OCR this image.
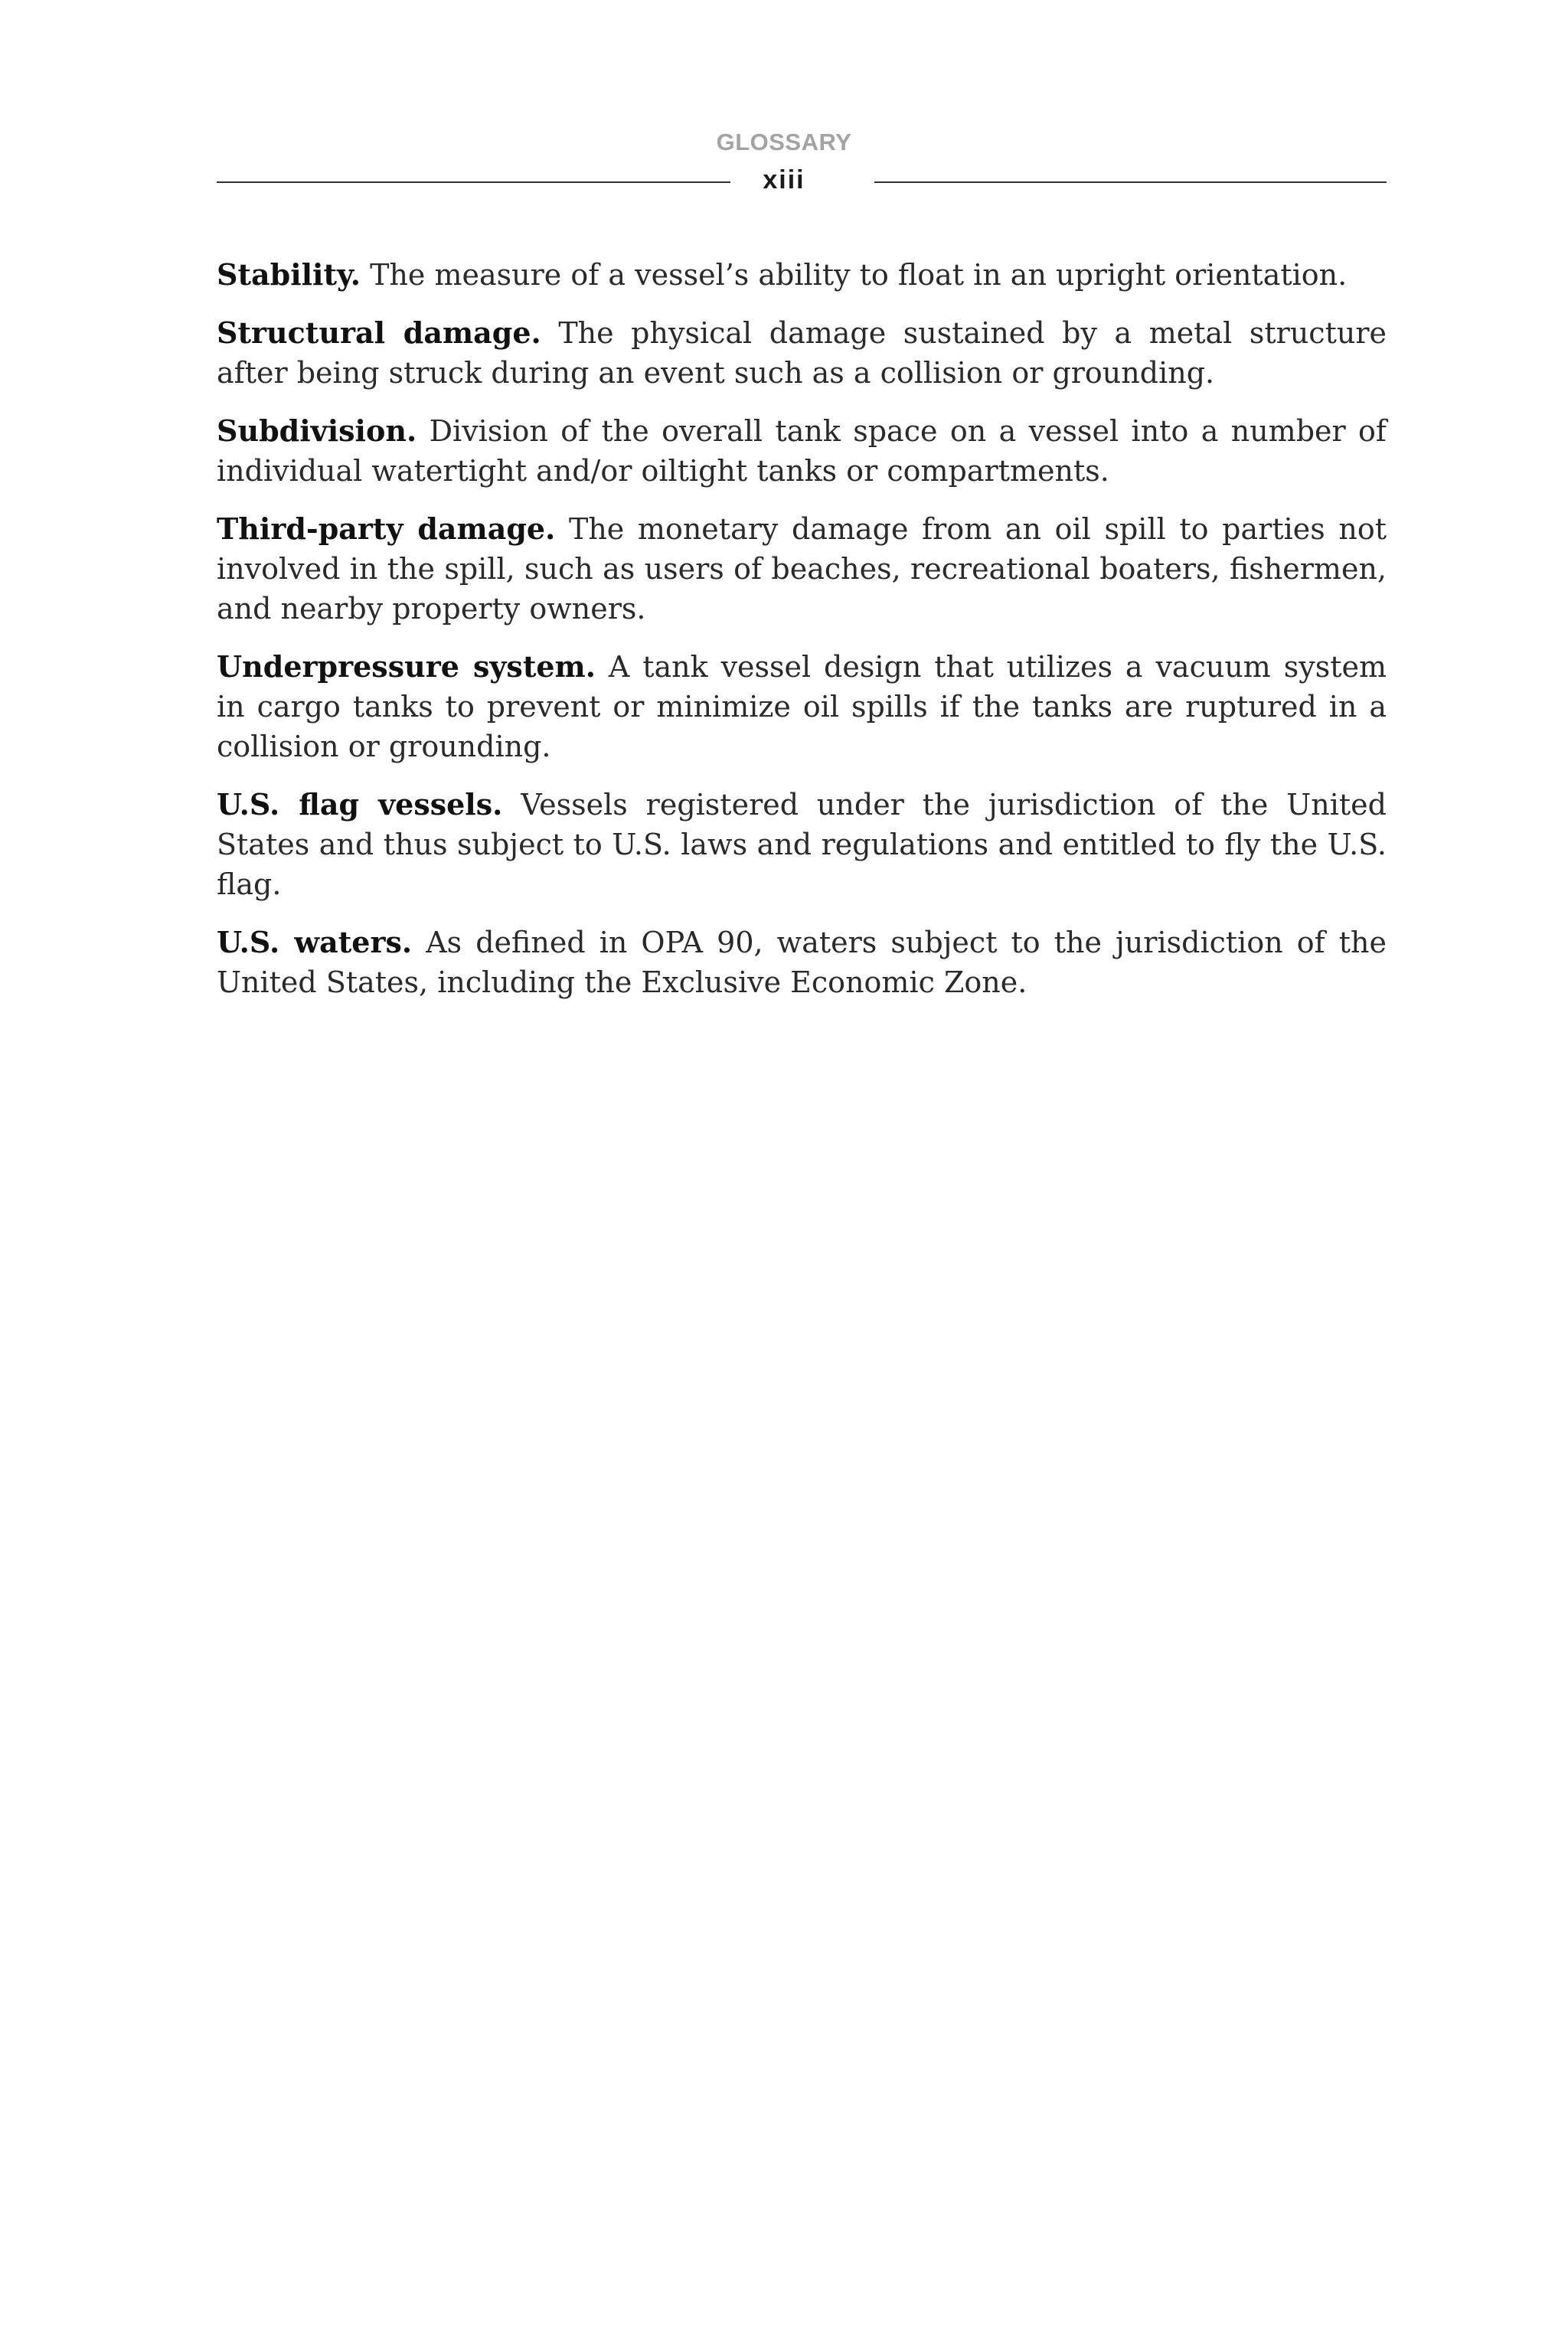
GLOSSARY
xiii

Stability. The measure of a vessel’s ability to float in an upright orientation.

Structural damage. The physical damage sustained by a metal structure after being struck during an event such as a collision or grounding.

Subdivision. Division of the overall tank space on a vessel into a number of individual watertight and/or oiltight tanks or compartments.

Third-party damage. The monetary damage from an oil spill to parties not involved in the spill, such as users of beaches, recreational boaters, fishermen, and nearby property owners.

Underpressure system. A tank vessel design that utilizes a vacuum system in cargo tanks to prevent or minimize oil spills if the tanks are ruptured in a collision or grounding.

U.S. flag vessels. Vessels registered under the jurisdiction of the United States and thus subject to U.S. laws and regulations and entitled to fly the U.S. flag.

U.S. waters. As defined in OPA 90, waters subject to the jurisdiction of the United States, including the Exclusive Economic Zone.
